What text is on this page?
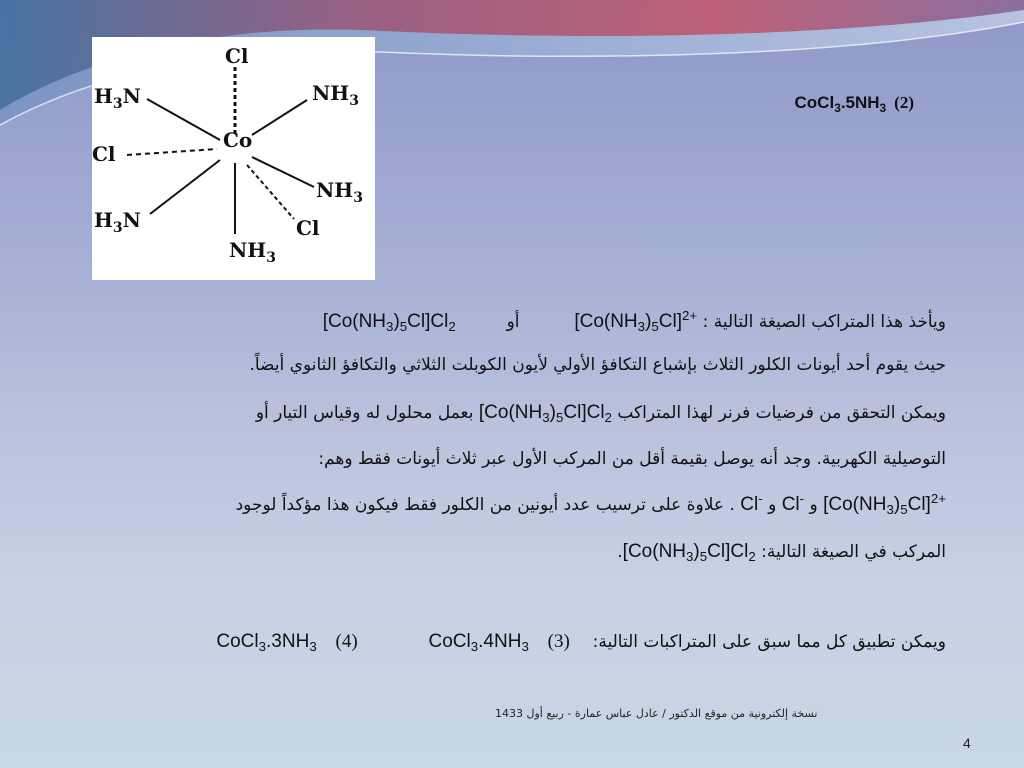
Co
Cl
$H_3N$	$NH_3$
Cl
$NH_3$
$H_3N$	Cl
$NH_3$
$CoCl_3.5NH_3$ (2)
ويأخذ هذا المتراكب الصيغة التالية : $[Co(NH_3)_5Cl]^{2+}$  أو  $[Co(NH_3)_5Cl]Cl_2$
حيث يقوم أحد أيونات الكلور الثلاث بإشباع التكافؤ الأولي لأيون الكوبلت الثلاثي والتكافؤ الثانوي أيضاً.
ويمكن التحقق من فرضيات فرنر لهذا المتراكب $[Co(NH_3)_5Cl]Cl_2$ بعمل محلول له وقياس التيار أو
التوصيلية الكهربية. وجد أنه يوصل بقيمة أقل من المركب الأول عبر ثلاث أيونات فقط وهم:
$[Co(NH_3)_5Cl]^{2+}$ و Cl- و Cl- . علاوة على ترسيب عدد أيونين من الكلور فقط فيكون هذا مؤكداً لوجود
المركب في الصيغة التالية: $[Co(NH_3)_5Cl]Cl_2$.
ويمكن تطبيق كل مما سبق على المتراكبات التالية:  (3)  $CoCl_3.4NH_3$  (4)  $CoCl_3.3NH_3$
نسخة إلكترونية من موقع الدكتور / عادل عباس عمارة - ربيع أول 1433
4
